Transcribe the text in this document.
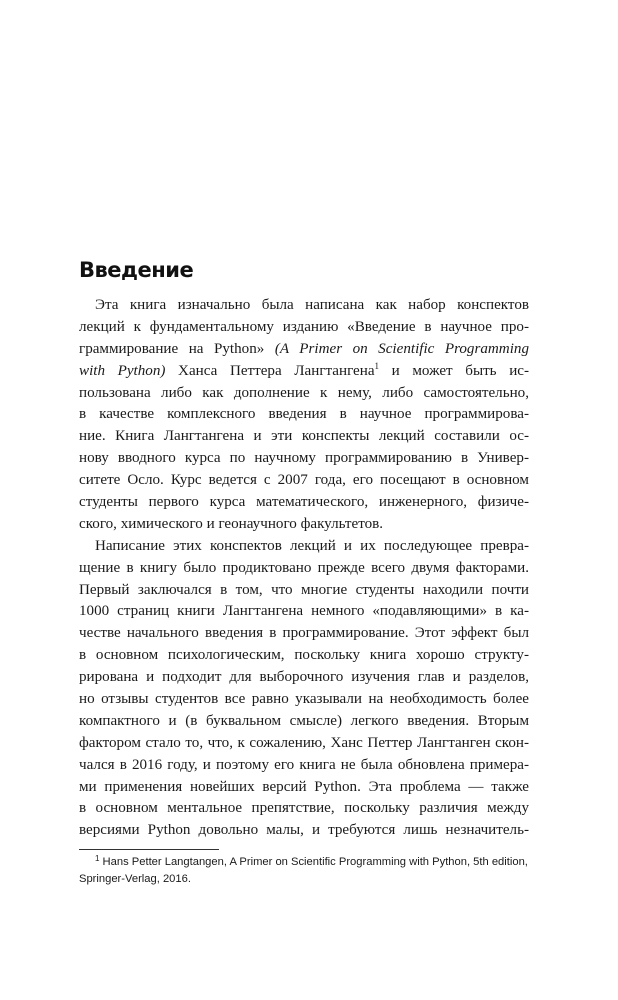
Введение
Эта книга изначально была написана как набор конспектов
лекций к фундаментальному изданию «Введение в научное про-
граммирование на Python» (A Primer on Scientific Programming
with Python) Ханса Петтера Лангтангена$^1$ и может быть ис-
пользована либо как дополнение к нему, либо самостоятельно,
в качестве комплексного введения в научное программирова-
ние. Книга Лангтангена и эти конспекты лекций составили ос-
нову вводного курса по научному программированию в Универ-
ситете Осло. Курс ведется с 2007 года, его посещают в основном
студенты первого курса математического, инженерного, физиче-
ского, химического и геонаучного факультетов.
Написание этих конспектов лекций и их последующее превра-
щение в книгу было продиктовано прежде всего двумя факторами.
Первый заключался в том, что многие студенты находили почти
1000 страниц книги Лангтангена немного «подавляющими» в ка-
честве начального введения в программирование. Этот эффект был
в основном психологическим, поскольку книга хорошо структу-
рирована и подходит для выборочного изучения глав и разделов,
но отзывы студентов все равно указывали на необходимость более
компактного и (в буквальном смысле) легкого введения. Вторым
фактором стало то, что, к сожалению, Ханс Петтер Лангтанген скон-
чался в 2016 году, и поэтому его книга не была обновлена примера-
ми применения новейших версий Python. Эта проблема — также
в основном ментальное препятствие, поскольку различия между
версиями Python довольно малы, и требуются лишь незначитель-
$^1$ Hans Petter Langtangen, A Primer on Scientific Programming with Python, 5th edition,
Springer-Verlag, 2016.
